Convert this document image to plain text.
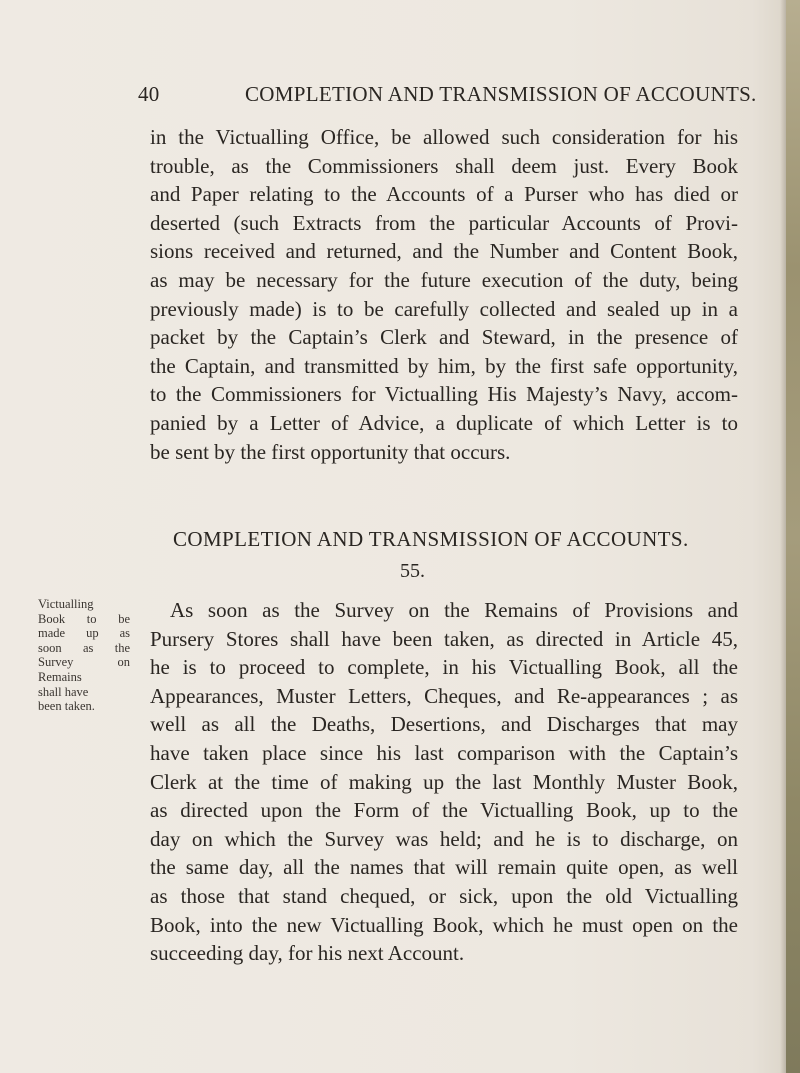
40	COMPLETION AND TRANSMISSION OF ACCOUNTS.
in the Victualling Office, be allowed such consideration for his
trouble, as the Commissioners shall deem just. Every Book
and Paper relating to the Accounts of a Purser who has died or
deserted (such Extracts from the particular Accounts of Provi-
sions received and returned, and the Number and Content Book,
as may be necessary for the future execution of the duty, being
previously made) is to be carefully collected and sealed up in a
packet by the Captain’s Clerk and Steward, in the presence of
the Captain, and transmitted by him, by the first safe opportunity,
to the Commissioners for Victualling His Majesty’s Navy, accom-
panied by a Letter of Advice, a duplicate of which Letter is to
be sent by the first opportunity that occurs.
COMPLETION AND TRANSMISSION OF ACCOUNTS.
55.
Victualling
Book to be
made up as
soon as the
Survey on
Remains
shall have
been taken.
As soon as the Survey on the Remains of Provisions and
Pursery Stores shall have been taken, as directed in Article 45,
he is to proceed to complete, in his Victualling Book, all the
Appearances, Muster Letters, Cheques, and Re-appearances ; as
well as all the Deaths, Desertions, and Discharges that may
have taken place since his last comparison with the Captain’s
Clerk at the time of making up the last Monthly Muster Book,
as directed upon the Form of the Victualling Book, up to the
day on which the Survey was held; and he is to discharge, on
the same day, all the names that will remain quite open, as well
as those that stand chequed, or sick, upon the old Victualling
Book, into the new Victualling Book, which he must open on the
succeeding day, for his next Account.
